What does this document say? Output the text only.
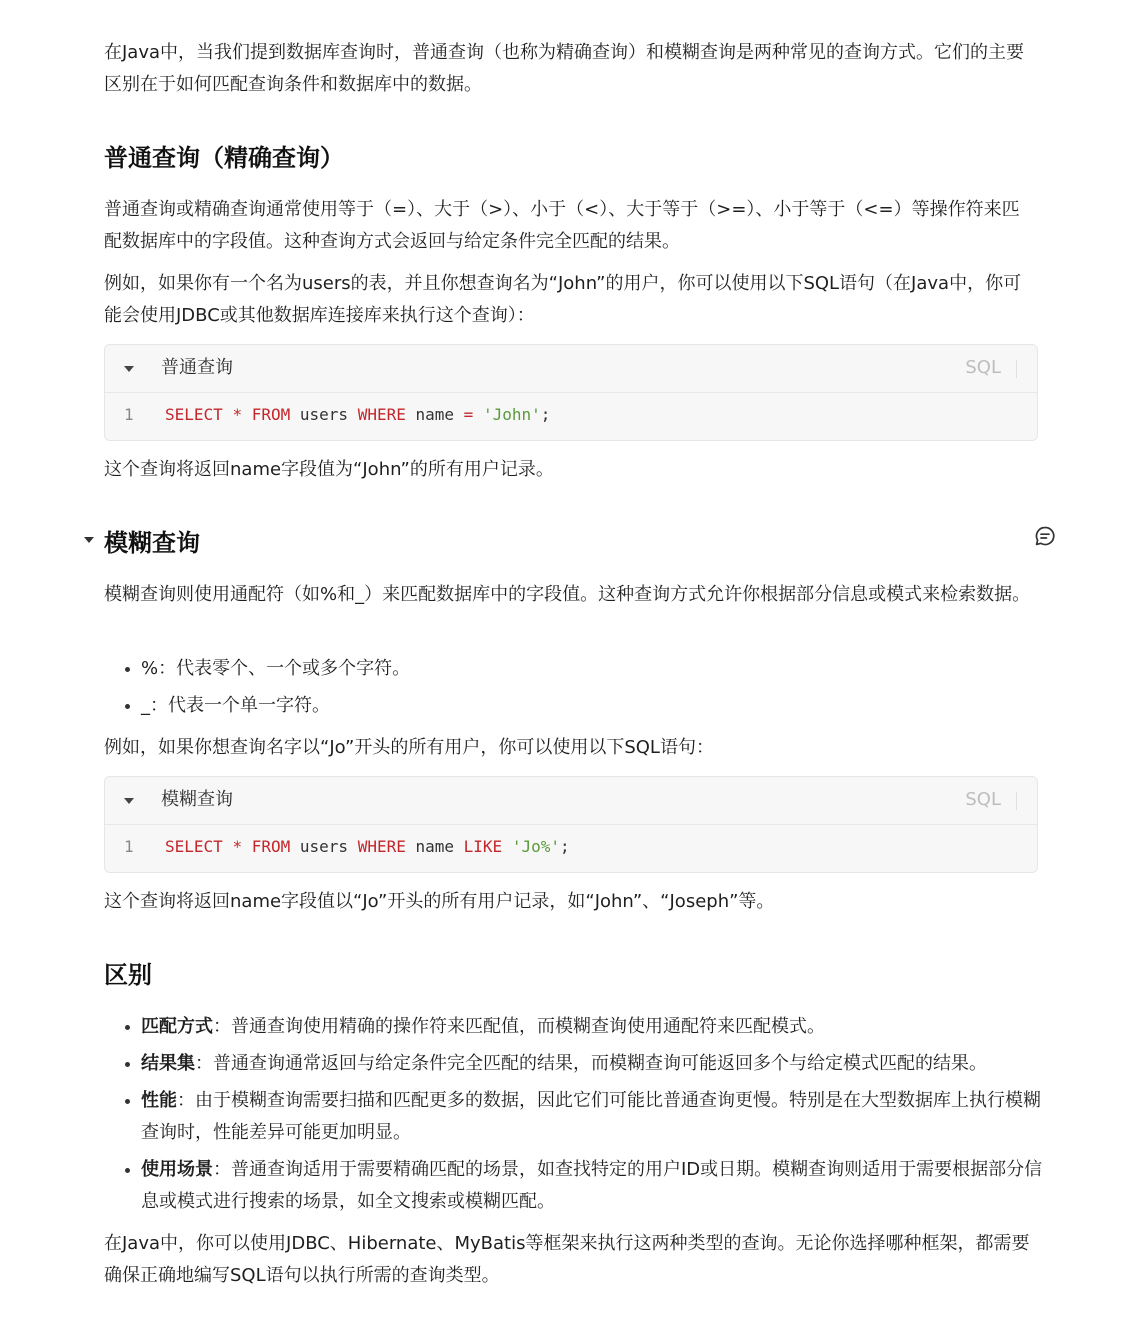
在Java中，当我们提到数据库查询时，普通查询（也称为精确查询）和模糊查询是两种常见的查询方式。它们的主要区别在于如何匹配查询条件和数据库中的数据。

普通查询（精确查询）

普通查询或精确查询通常使用等于（=）、大于（>）、小于（<）、大于等于（>=）、小于等于（<=）等操作符来匹配数据库中的字段值。这种查询方式会返回与给定条件完全匹配的结果。

例如，如果你有一个名为users的表，并且你想查询名为“John”的用户，你可以使用以下SQL语句（在Java中，你可能会使用JDBC或其他数据库连接库来执行这个查询）：

普通查询	SQL
1 SELECT * FROM users WHERE name = 'John';

这个查询将返回name字段值为“John”的所有用户记录。

模糊查询

模糊查询则使用通配符（如%和_）来匹配数据库中的字段值。这种查询方式允许你根据部分信息或模式来检索数据。

%：代表零个、一个或多个字符。
_：代表一个单一字符。

例如，如果你想查询名字以“Jo”开头的所有用户，你可以使用以下SQL语句：

模糊查询	SQL
1 SELECT * FROM users WHERE name LIKE 'Jo%';

这个查询将返回name字段值以“Jo”开头的所有用户记录，如“John”、“Joseph”等。

区别
匹配方式：普通查询使用精确的操作符来匹配值，而模糊查询使用通配符来匹配模式。
结果集：普通查询通常返回与给定条件完全匹配的结果，而模糊查询可能返回多个与给定模式匹配的结果。
性能：由于模糊查询需要扫描和匹配更多的数据，因此它们可能比普通查询更慢。特别是在大型数据库上执行模糊查询时，性能差异可能更加明显。
使用场景：普通查询适用于需要精确匹配的场景，如查找特定的用户ID或日期。模糊查询则适用于需要根据部分信息或模式进行搜索的场景，如全文搜索或模糊匹配。

在Java中，你可以使用JDBC、Hibernate、MyBatis等框架来执行这两种类型的查询。无论你选择哪种框架，都需要确保正确地编写SQL语句以执行所需的查询类型。
